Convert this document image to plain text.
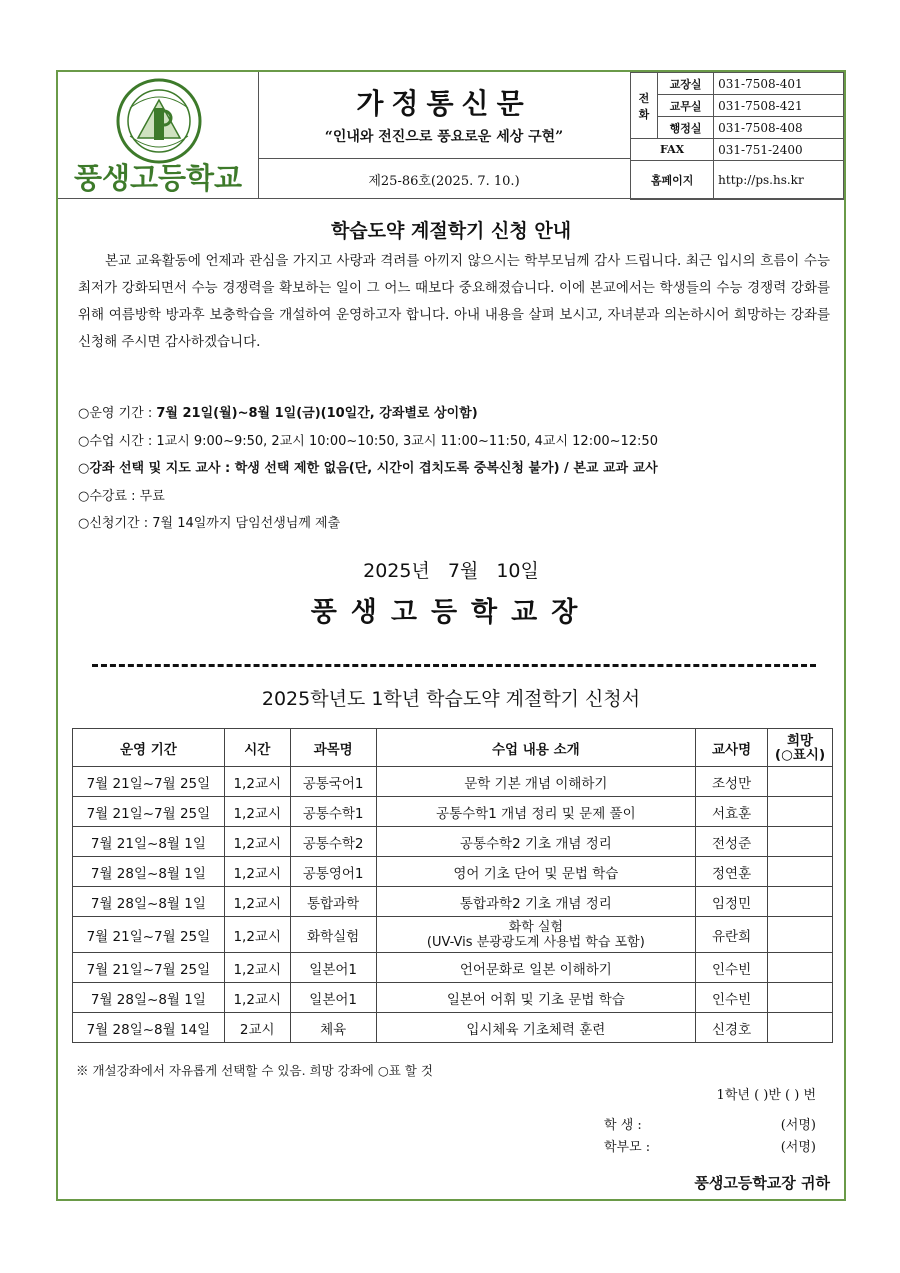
풍생고등학교
가정통신문
“인내와 전진으로 풍요로운 세상 구현”
제25-86호(2025. 7. 10.)
전화	교장실	031-7508-401
	교무실	031-7508-421
	행정실	031-7508-408
FAX		031-751-2400
홈페이지		http://ps.hs.kr
학습도약 계절학기 신청 안내
본교 교육활동에 언제과 관심을 가지고 사랑과 격려를 아끼지 않으시는 학부모님께 감사 드립니다. 최근 입시의 흐름이 수능 최저가 강화되면서 수능 경쟁력을 확보하는 일이 그 어느 때보다 중요해졌습니다. 이에 본교에서는 학생들의 수능 경쟁력 강화를 위해 여름방학 방과후 보충학습을 개설하여 운영하고자 합니다. 아내 내용을 살펴 보시고, 자녀분과 의논하시어 희망하는 강좌를 신청해 주시면 감사하겠습니다.
○운영 기간 : 7월 21일(월)~8월 1일(금)(10일간, 강좌별로 상이함)
○수업 시간 : 1교시 9:00~9:50, 2교시 10:00~10:50, 3교시 11:00~11:50, 4교시 12:00~12:50
○강좌 선택 및 지도 교사 : 학생 선택 제한 없음(단, 시간이 겹치도록 중복신청 불가) / 본교 교과 교사
○수강료 : 무료
○신청기간 : 7월 14일까지 담임선생님께 제출
2025년 7월 10일
풍생고등학교장
2025학년도 1학년 학습도약 계절학기 신청서
운영 기간	시간	과목명	수업 내용 소개	교사명	희망
(○표시)
7월 21일~7월 25일	1,2교시	공통국어1	문학 기본 개념 이해하기	조성만	
7월 21일~7월 25일	1,2교시	공통수학1	공통수학1 개념 정리 및 문제 풀이	서효훈	
7월 21일~8월 1일	1,2교시	공통수학2	공통수학2 기초 개념 정리	전성준	
7월 28일~8월 1일	1,2교시	공통영어1	영어 기초 단어 및 문법 학습	정연훈	
7월 28일~8월 1일	1,2교시	통합과학	통합과학2 기초 개념 정리	임정민	
7월 21일~7월 25일	1,2교시	화학실험	화학 실험
(UV-Vis 분광광도계 사용법 학습 포함)	유란희	
7월 21일~7월 25일	1,2교시	일본어1	언어문화로 일본 이해하기	인수빈	
7월 28일~8월 1일	1,2교시	일본어1	일본어 어휘 및 기초 문법 학습	인수빈	
7월 28일~8월 14일	2교시	체육	입시체육 기초체력 훈련	신경호	
※ 개설강좌에서 자유롭게 선택할 수 있음. 희망 강좌에 ○표 할 것
1학년 ( )반 ( ) 번
학 생 :	(서명)
학부모 :	(서명)
풍생고등학교장 귀하
